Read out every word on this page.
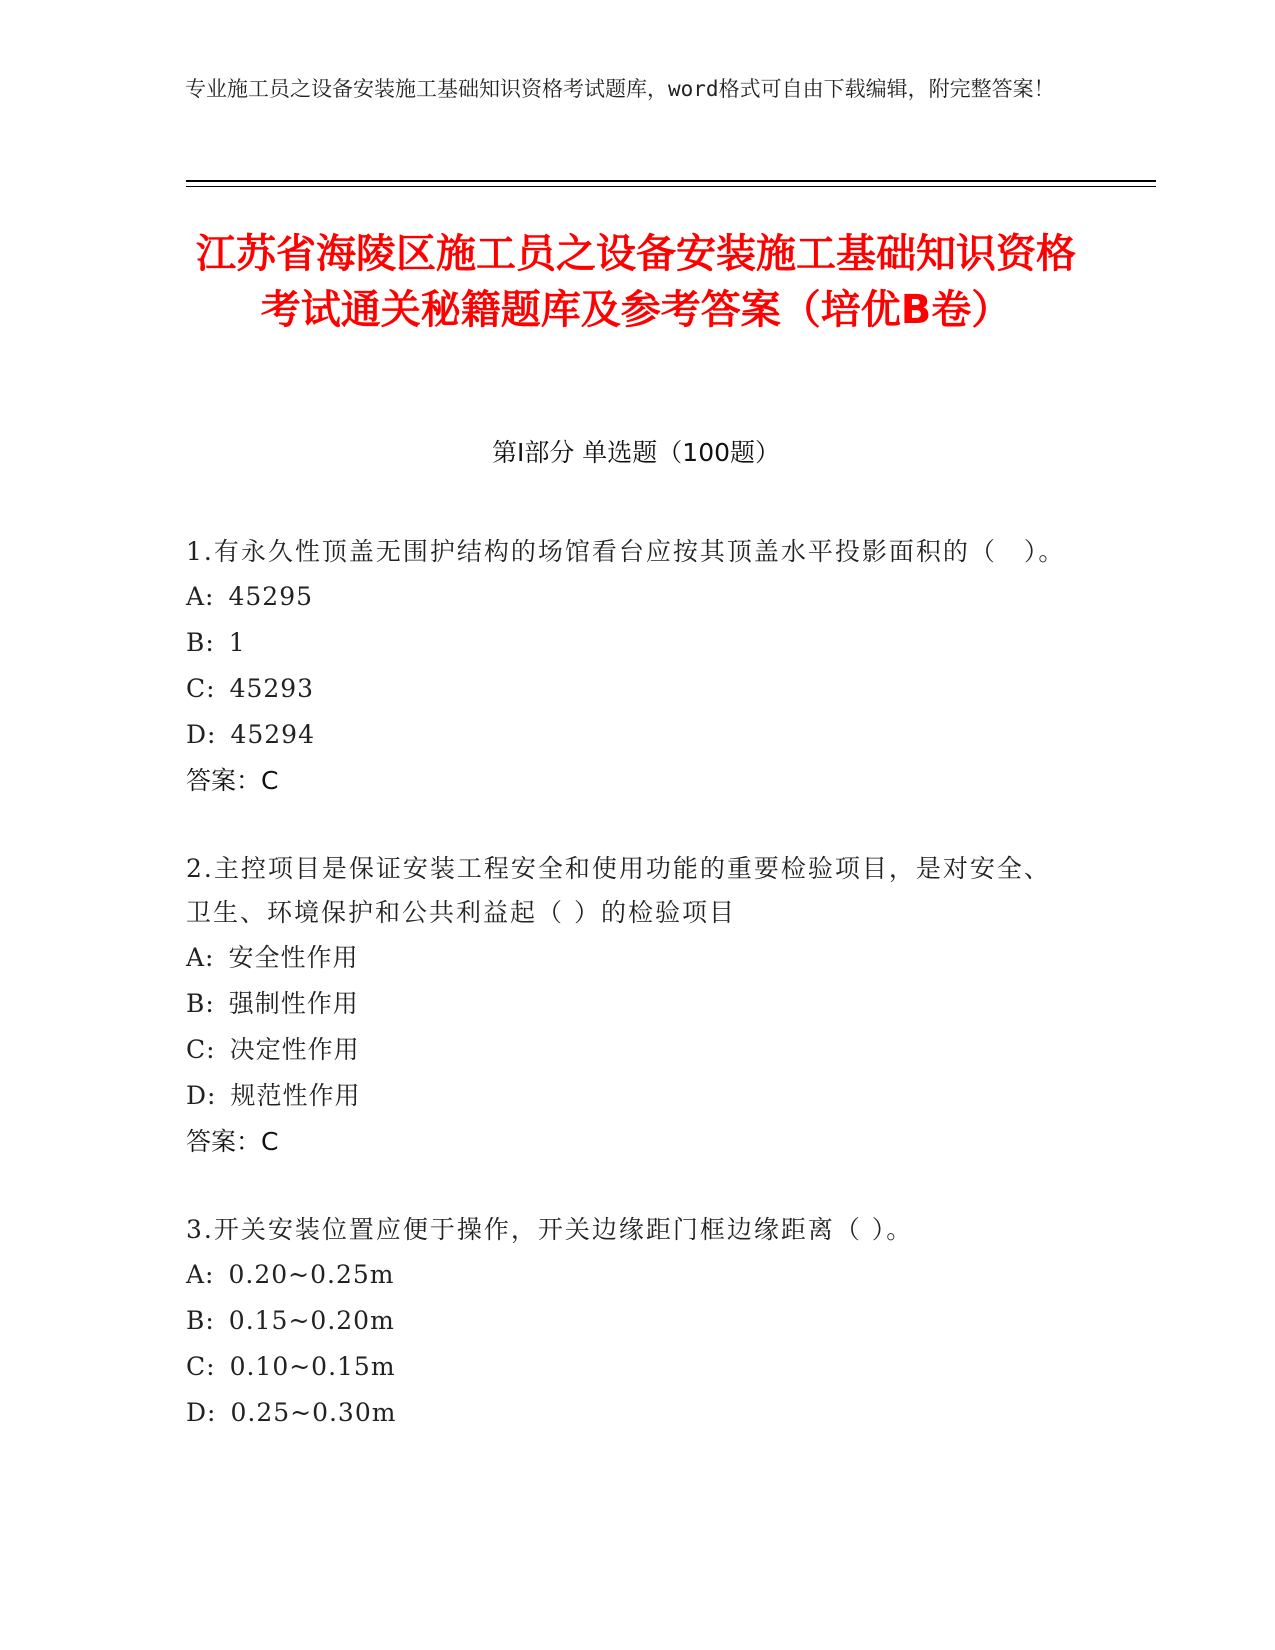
专业施工员之设备安装施工基础知识资格考试题库，word格式可自由下载编辑，附完整答案！
江苏省海陵区施工员之设备安装施工基础知识资格考试通关秘籍题库及参考答案（培优B卷）
第I部分 单选题（100题）
1.有永久性顶盖无围护结构的场馆看台应按其顶盖水平投影面积的（　）。
A: 45295
B: 1
C: 45293
D: 45294
答案：C
2.主控项目是保证安装工程安全和使用功能的重要检验项目，是对安全、卫生、环境保护和公共利益起（ ）的检验项目
A: 安全性作用
B: 强制性作用
C: 决定性作用
D: 规范性作用
答案：C
3.开关安装位置应便于操作，开关边缘距门框边缘距离（ ）。
A: 0.20~0.25m
B: 0.15~0.20m
C: 0.10~0.15m
D: 0.25~0.30m
